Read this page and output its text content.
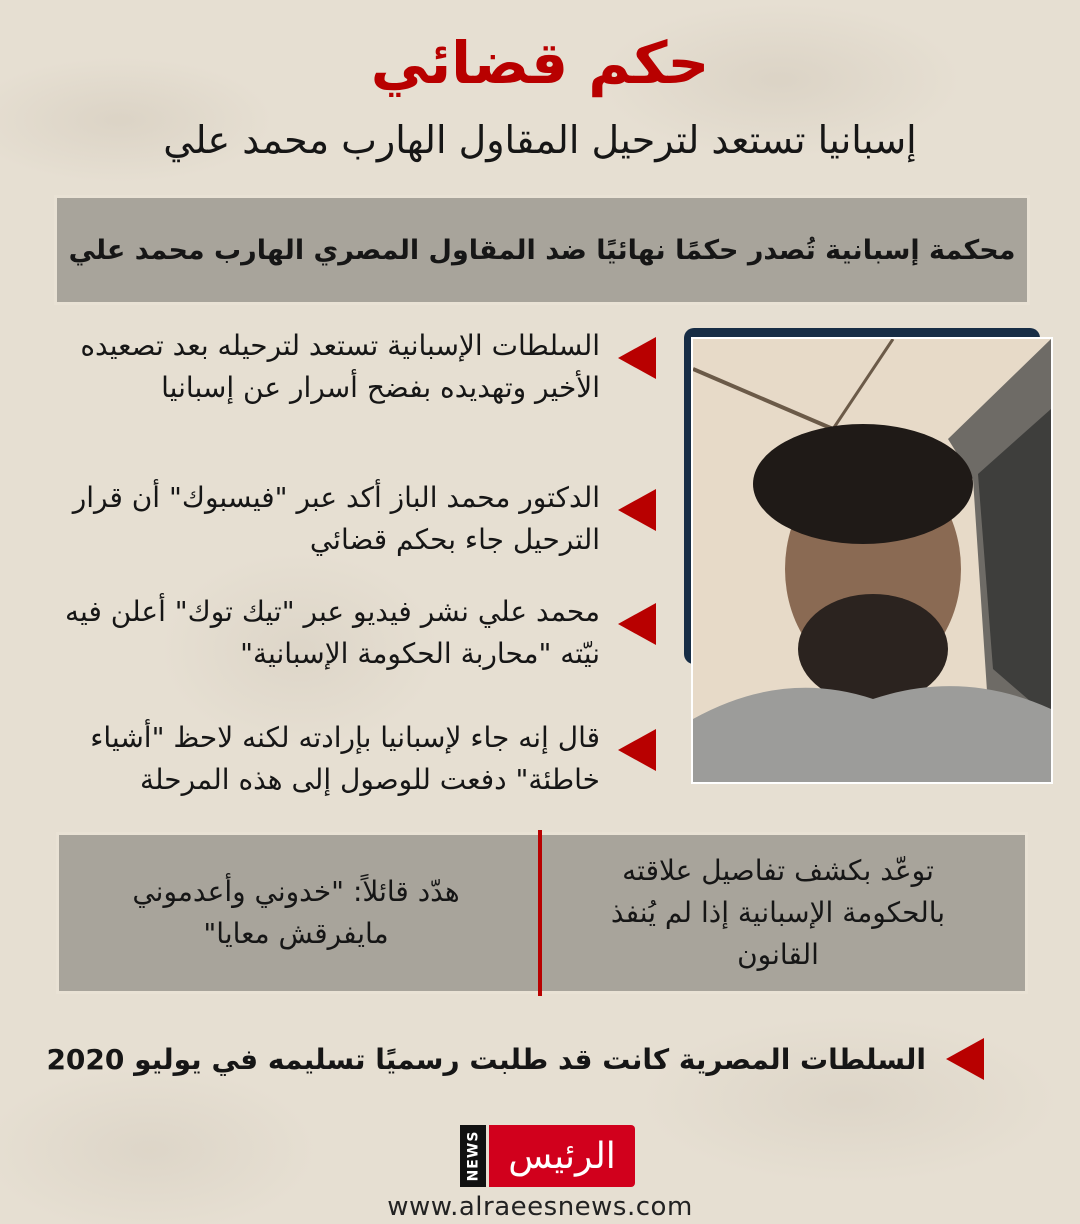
حكم قضائي
إسبانيا تستعد لترحيل المقاول الهارب محمد علي
محكمة إسبانية تُصدر حكمًا نهائيًا ضد المقاول المصري الهارب محمد علي
السلطات الإسبانية تستعد لترحيله بعد تصعيده الأخير وتهديده بفضح أسرار عن إسبانيا
الدكتور محمد الباز أكد عبر "فيسبوك" أن قرار الترحيل جاء بحكم قضائي
محمد علي نشر فيديو عبر "تيك توك" أعلن فيه نيّته "محاربة الحكومة الإسبانية"
قال إنه جاء لإسبانيا بإرادته لكنه لاحظ "أشياء خاطئة" دفعت للوصول إلى هذه المرحلة
توعّد بكشف تفاصيل علاقته بالحكومة الإسبانية إذا لم يُنفذ القانون
هدّد قائلاً: "خدوني وأعدموني مايفرقش معايا"
السلطات المصرية كانت قد طلبت رسميًا تسليمه في يوليو 2020
NEWS الرئيس
www.alraeesnews.com
